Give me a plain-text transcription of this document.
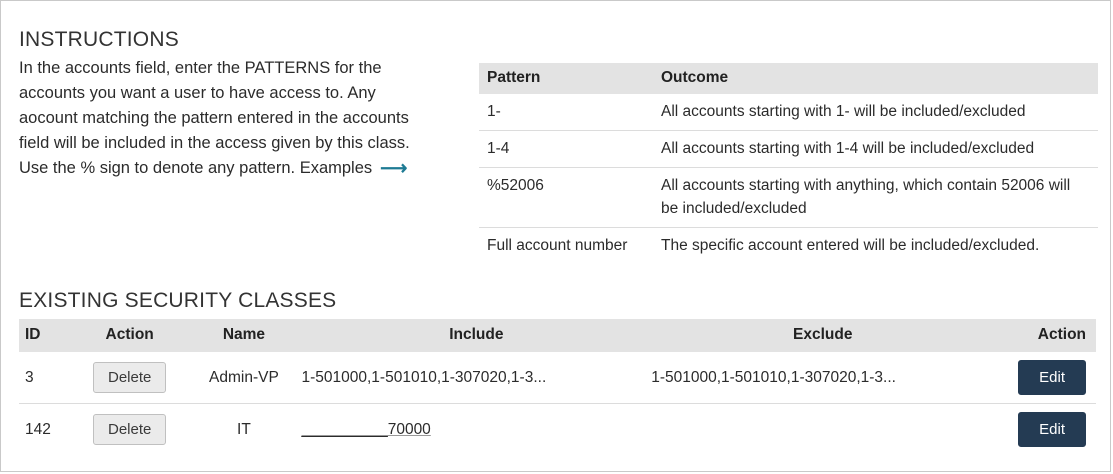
INSTRUCTIONS
In the accounts field, enter the PATTERNS for the accounts you want a user to have access to. Any aocount matching the pattern entered in the accounts field will be included in the access given by this class. Use the % sign to denote any pattern. Examples ⟶
Pattern	Outcome
1-	All accounts starting with 1- will be included/excluded
1-4	All accounts starting with 1-4 will be included/excluded
%52006	All accounts starting with anything, which contain 52006 will be included/excluded
Full account number	The specific account entered will be included/excluded.
EXISTING SECURITY CLASSES
ID	Action	Name	Include	Exclude	Action
3	Delete	Admin-VP	1-501000,1-501010,1-307020,1-3...	1-501000,1-501010,1-307020,1-3...	Edit
142	Delete	IT	__________70000		Edit
